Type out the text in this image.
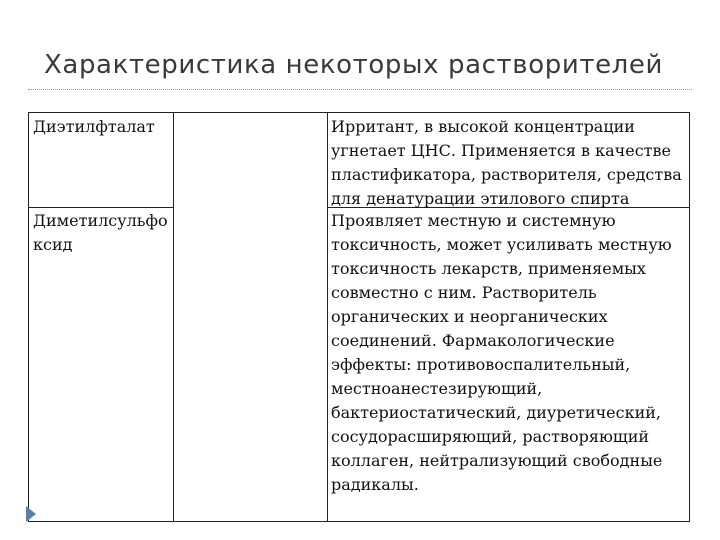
Характеристика некоторых растворителей
Диэтилфталат	Ирритант, в высокой концентрации угнетает ЦНС. Применяется в качестве пластификатора, растворителя, средства для денатурации этилового спирта
Диметилсульфо ксид
Проявляет местную и системную токсичность, может усиливать местную токсичность лекарств, применяемых совместно с ним. Растворитель органических и неорганических соединений. Фармакологические эффекты: противовоспалительный, местноанестезирующий, бактериостатический, диуретический, сосудорасширяющий, растворяющий коллаген, нейтрализующий свободные радикалы.
